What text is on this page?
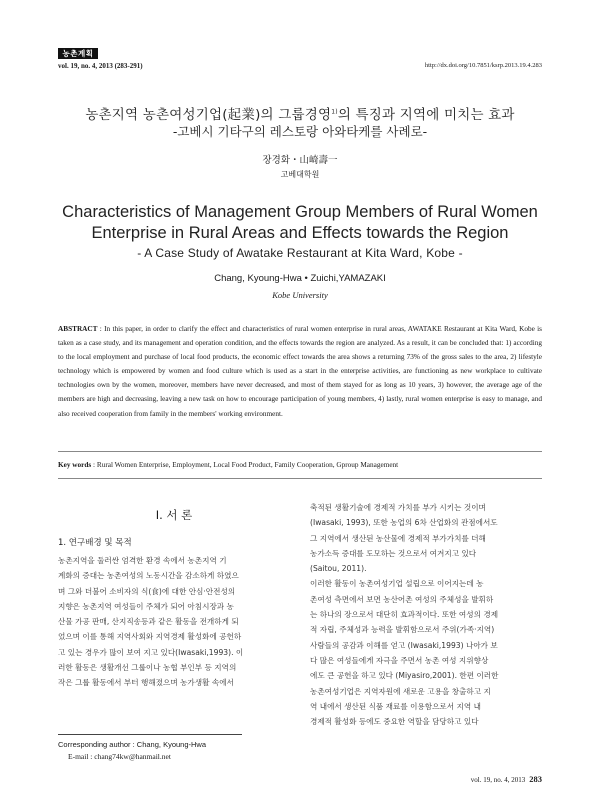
농촌계획
vol. 19, no. 4, 2013 (283-291)	http://dx.doi.org/10.7851/ksrp.2013.19.4.283
농촌지역 농촌여성기업(起業)의 그룹경영$^{1)}$의 특징과 지역에 미치는 효과
-고베시 기타구의 레스토랑 아와타케를 사례로-
장경화・山崎壽一
고베대학원
Characteristics of Management Group Members of Rural Women
Enterprise in Rural Areas and Effects towards the Region
- A Case Study of Awatake Restaurant at Kita Ward, Kobe -
Chang, Kyoung-Hwa • Zuichi,YAMAZAKI
Kobe University
ABSTRACT : In this paper, in order to clarify the effect and characteristics of rural women enterprise in rural areas, AWATAKE Restaurant at Kita Ward, Kobe is taken as a case study, and its management and operation condition, and the effects towards the region are analyzed. As a result, it can be concluded that: 1) according to the local employment and purchase of local food products, the economic effect towards the area shows a returning 73% of the gross sales to the area, 2) lifestyle technology which is empowered by women and food culture which is used as a start in the enterprise activities, are functioning as new workplace to cultivate technologies own by the women, moreover, members have never decreased, and most of them stayed for as long as 10 years, 3) however, the average age of the members are high and decreasing, leaving a new task on how to encourage participation of young members, 4) lastly, rural women enterprise is easy to manage, and also received cooperation from family in the members' working environment.
Key words : Rural Women Enterprise, Employment, Local Food Product, Family Cooperation, Gproup Management
I. 서 론
1. 연구배경 및 목적
농촌지역을 둘러싼 엄격한 환경 속에서 농촌지역 기
계화의 증대는 농촌여성의 노동시간을 감소하게 하였으
며 그와 더불어 소비자의 식(食)에 대한 안심·안전성의
지향은 농촌지역 여성들이 주체가 되어 아침시장과 농
산물 가공 판매, 산지직송등과 같은 활동을 전개하게 되
었으며 이를 통해 지역사회와 지역경제 활성화에 공헌하
고 있는 경우가 많이 보여 지고 있다(Iwasaki,1993). 이
러한 활동은 생활개선 그룹이나 농협 부인부 등 지역의
작은 그룹 활동에서 부터 행해졌으며 농가생활 속에서
축적된 생활기술에 경제적 가치를 부가 시키는 것이며
(Iwasaki, 1993), 또한 농업의 6차 산업화의 관점에서도
그 지역에서 생산된 농산물에 경제적 부가가치를 더해
농가소득 증대를 도모하는 것으로서 여겨지고 있다
(Saitou, 2011).
이러한 활동이 농촌여성기업 설립으로 이어지는데 농
촌여성 측면에서 보면 농산어촌 여성의 주체성을 발휘하
는 하나의 장으로서 대단히 효과적이다. 또한 여성의 경제
적 자립, 주체성과 능력을 발휘함으로서 주위(가족·지역)
사람들의 공감과 이해를 얻고 (Iwasaki,1993) 나아가 보
다 많은 여성들에게 자극을 주면서 농촌 여성 지위향상
에도 큰 공헌을 하고 있다 (Miyasiro,2001). 한편 이러한
농촌여성기업은 지역자원에 새로운 고용을 창출하고 지
역 내에서 생산된 식품 재료를 이용함으로서 지역 내
경제적 활성화 등에도 중요한 역할을 담당하고 있다
Corresponding author : Chang, Kyoung-Hwa
E-mail : chang74kw@hanmail.net
vol. 19, no. 4, 2013 283
